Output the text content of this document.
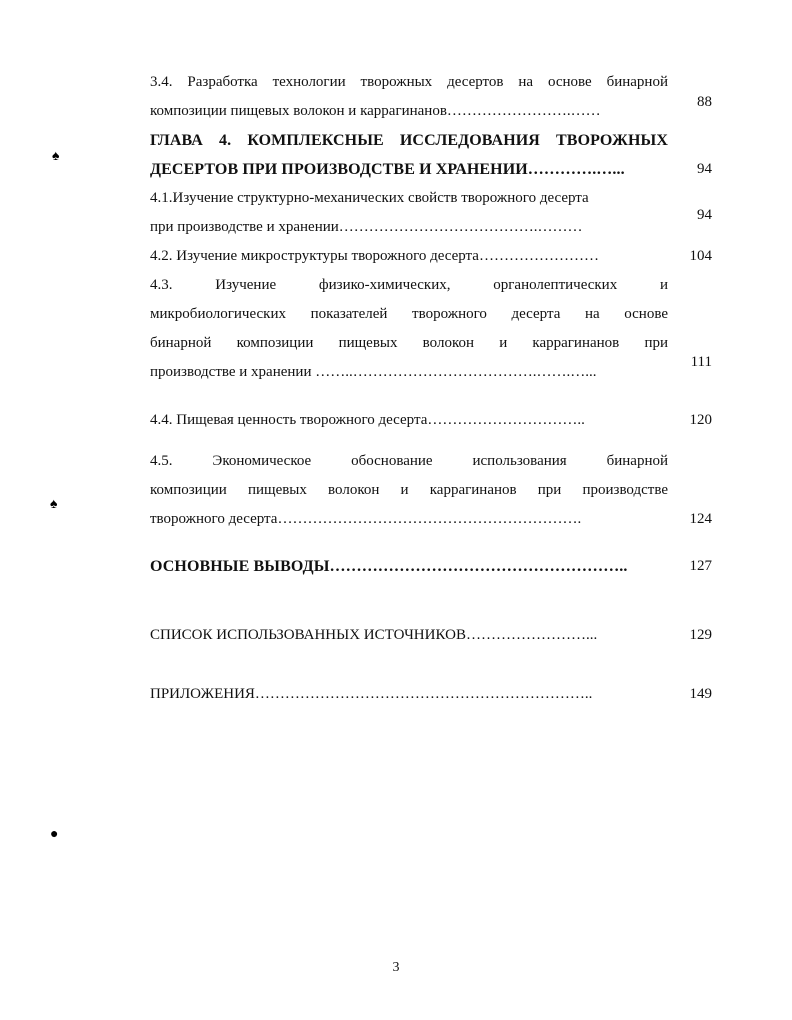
♠
♠
●
3.4. Разработка технологии творожных десертов на основе бинарной
композиции пищевых волокон и каррагинанов…………………….……
88
ГЛАВА 4. КОМПЛЕКСНЫЕ ИССЛЕДОВАНИЯ ТВОРОЖНЫХ
ДЕСЕРТОВ ПРИ ПРОИЗВОДСТВЕ И ХРАНЕНИИ………….…...	94
4.1.Изучение структурно-механических свойств творожного десерта
при производстве и хранении………………………………….………
94
4.2. Изучение микроструктуры творожного десерта……………………	104
4.3. Изучение физико-химических, органолептических и
микробиологических показателей творожного десерта на основе
бинарной композиции пищевых волокон и каррагинанов при
производстве и хранении ……..……………………………….…….…...
111
4.4. Пищевая ценность творожного десерта…………………………..	120
4.5. Экономическое обоснование использования бинарной
композиции пищевых волокон и каррагинанов при производстве
творожного десерта…………………………………………………….	124
ОСНОВНЫЕ ВЫВОДЫ………………………………………………..	127
СПИСОК ИСПОЛЬЗОВАННЫХ ИСТОЧНИКОВ……………………...	129
ПРИЛОЖЕНИЯ…………………………………………………………..	149
3
